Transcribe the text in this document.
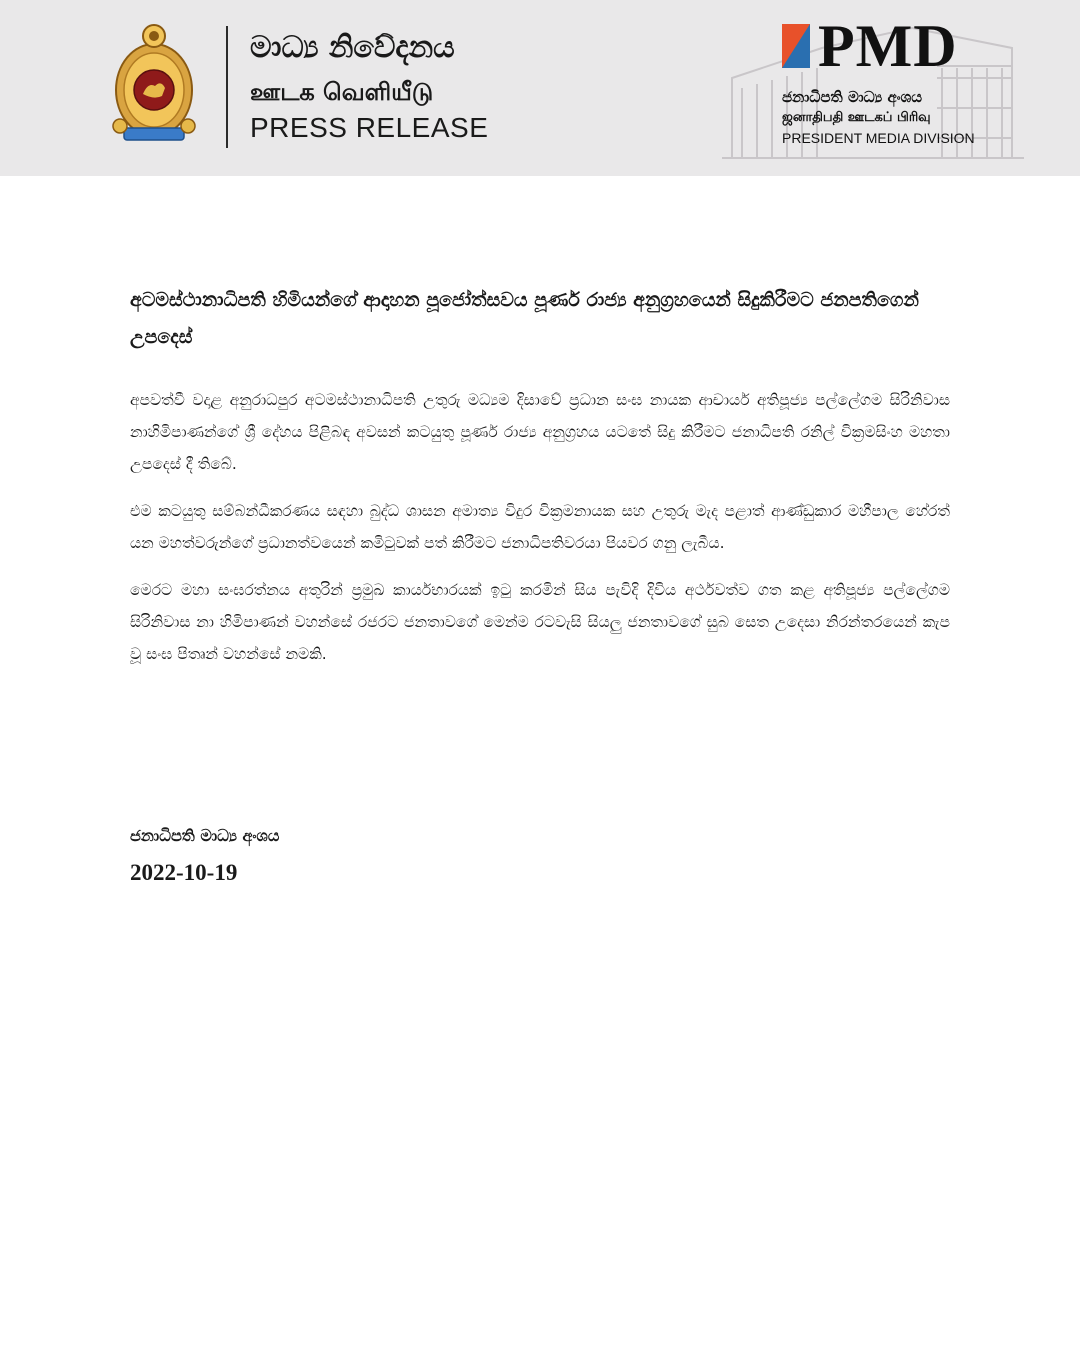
මාධ්‍ය නිවේදනය
ஊடக வெளியீடு
PRESS RELEASE
PMD
ජනාධිපති මාධ්‍ය අංශය
ஜனாதிபதி ஊடகப் பிரிவு
PRESIDENT MEDIA DIVISION
අටමස්ථානාධිපති හිමියන්ගේ ආදාහන පූජෝත්සවය පූර්ණ රාජ්‍ය අනුග්‍රහයෙන් සිදුකිරීමට ජනපතිගෙන් උපදෙස්

අපවත්වී වදාළ අනුරාධපුර අටමස්ථානාධිපති උතුරු මධ්‍යම දිසාවේ ප්‍රධාන සංඝ නායක ආචාර්ය අතිපූජ්‍ය පල්ලේගම සිරිනිවාස නාහිමිපාණන්ගේ ශ්‍රී දේහය පිළිබඳ අවසන් කටයුතු පූර්ණ රාජ්‍ය අනුග්‍රහය යටතේ සිදු කිරීමට ජනාධිපති රනිල් වික්‍රමසිංහ මහතා උපදෙස් දී තිබේ.

එම කටයුතු සම්බන්ධීකරණය සඳහා බුද්ධ ශාසන අමාත්‍ය විදුර වික්‍රමනායක සහ උතුරු මැද පළාත් ආණ්ඩුකාර මහීපාල හේරත් යන මහත්වරුන්ගේ ප්‍රධානත්වයෙන් කමිටුවක් පත් කිරීමට ජනාධිපතිවරයා පියවර ගනු ලැබීය.

මෙරට මහා සංඝරත්නය අතුරින් ප්‍රමුඛ කාර්යභාරයක් ඉටු කරමින් සිය පැවිදි දිවිය අර්ථවත්ව ගත කළ අතිපූජ්‍ය පල්ලේගම සිරිනිවාස නා හිමිපාණන් වහන්සේ රජරට ජනතාවගේ මෙන්ම රටවැසි සියලු ජනතාවගේ සුබ සෙත උදෙසා නිරන්තරයෙන් කැප වූ සංඝ පිතෘන් වහන්සේ නමකි.

ජනාධිපති මාධ්‍ය අංශය
2022-10-19
